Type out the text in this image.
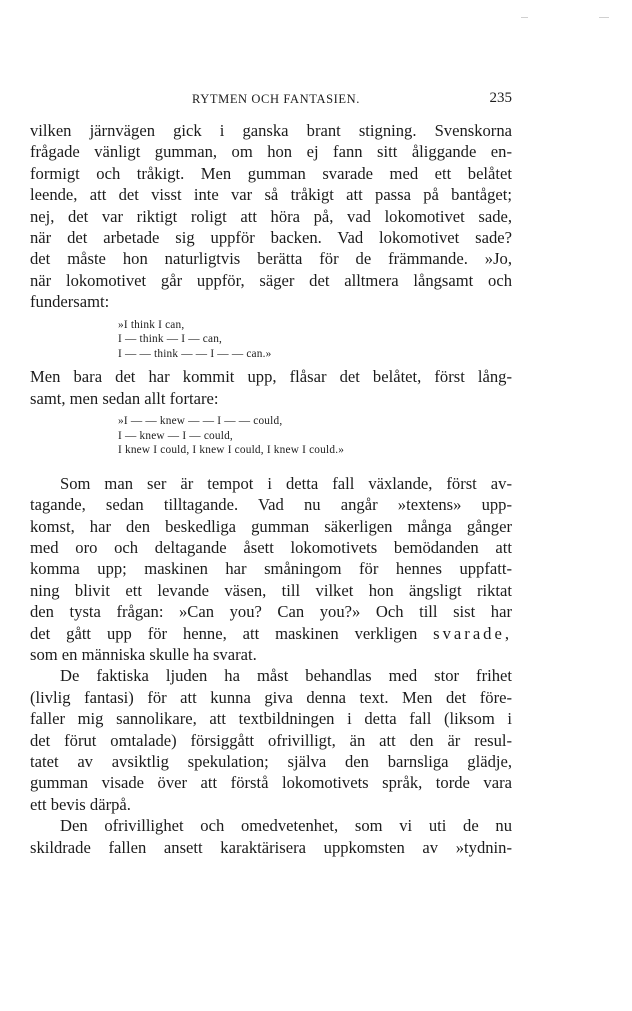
RYTMEN OCH FANTASIEN.	235
vilken järnvägen gick i ganska brant stigning. Svenskorna
frågade vänligt gumman, om hon ej fann sitt åliggande en-
formigt och tråkigt. Men gumman svarade med ett belåtet
leende, att det visst inte var så tråkigt att passa på bantåget;
nej, det var riktigt roligt att höra på, vad lokomotivet sade,
när det arbetade sig uppför backen. Vad lokomotivet sade?
det måste hon naturligtvis berätta för de främmande. »Jo,
när lokomotivet går uppför, säger det alltmera långsamt och
fundersamt:
»I think I can,
I — think — I — can,
I — — think — — I — — can.»
Men bara det har kommit upp, flåsar det belåtet, först lång-
samt, men sedan allt fortare:
»I — — knew — — I — — could,
I — knew — I — could,
I knew I could, I knew I could, I knew I could.»
Som man ser är tempot i detta fall växlande, först av-
tagande, sedan tilltagande. Vad nu angår »textens» upp-
komst, har den beskedliga gumman säkerligen många gånger
med oro och deltagande åsett lokomotivets bemödanden att
komma upp; maskinen har småningom för hennes uppfatt-
ning blivit ett levande väsen, till vilket hon ängsligt riktat
den tysta frågan: »Can you? Can you?» Och till sist har
det gått upp för henne, att maskinen verkligen svarade,
som en människa skulle ha svarat.
De faktiska ljuden ha måst behandlas med stor frihet
(livlig fantasi) för att kunna giva denna text. Men det före-
faller mig sannolikare, att textbildningen i detta fall (liksom i
det förut omtalade) försiggått ofrivilligt, än att den är resul-
tatet av avsiktlig spekulation; själva den barnsliga glädje,
gumman visade över att förstå lokomotivets språk, torde vara
ett bevis därpå.
Den ofrivillighet och omedvetenhet, som vi uti de nu
skildrade fallen ansett karaktärisera uppkomsten av »tydnin-
